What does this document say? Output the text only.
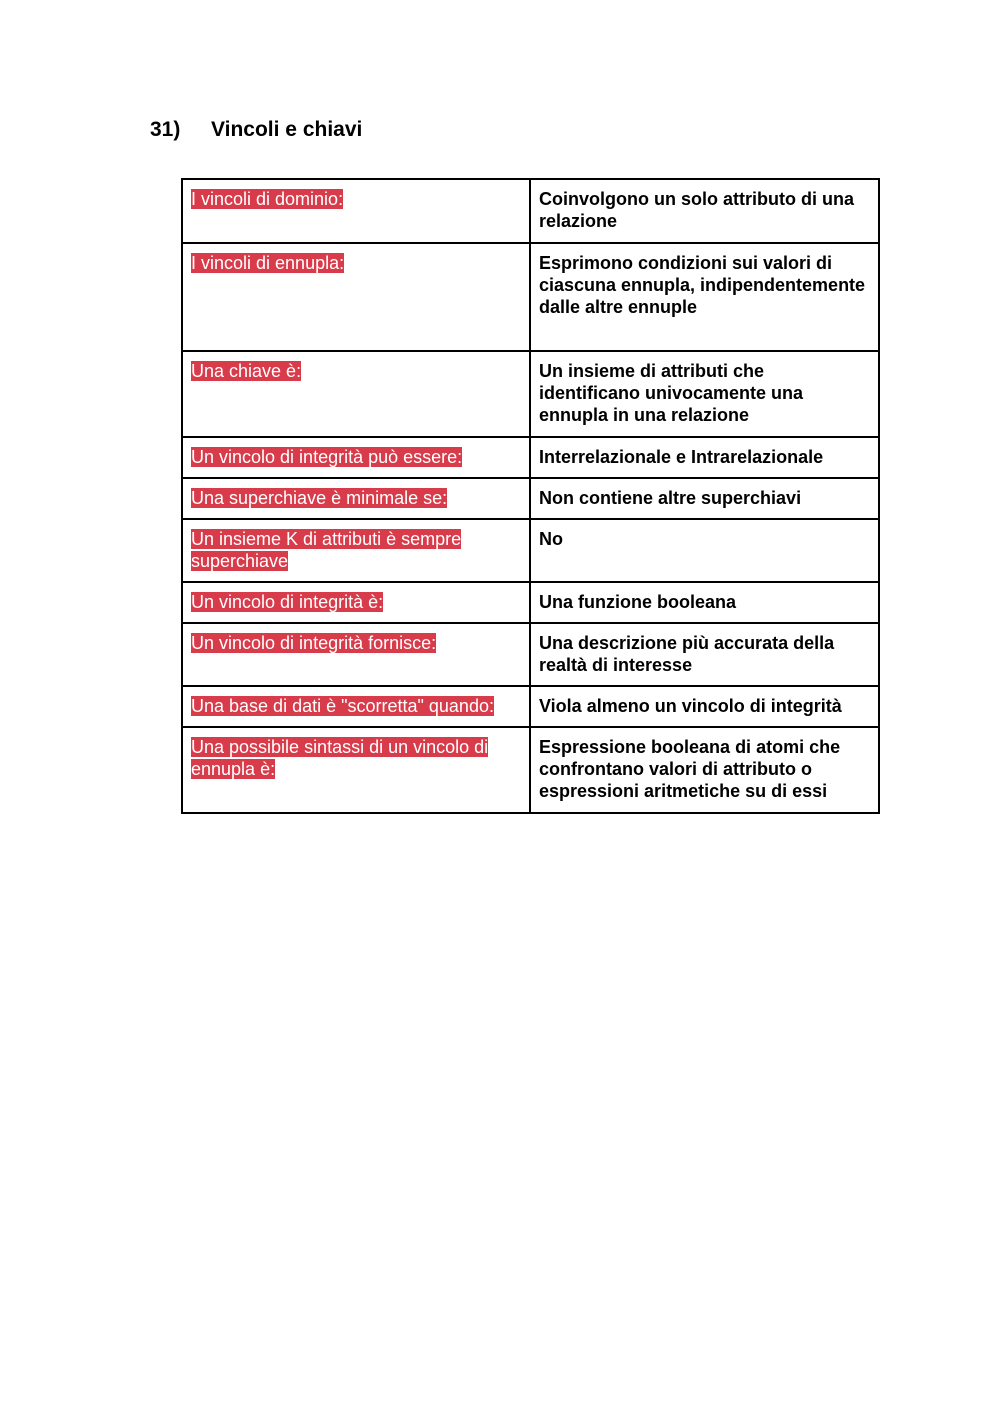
31)	Vincoli e chiavi
I vincoli di dominio:	Coinvolgono un solo attributo di una relazione
I vincoli di ennupla:	Esprimono condizioni sui valori di ciascuna ennupla, indipendentemente dalle altre ennuple
Una chiave è:	Un insieme di attributi che identificano univocamente una ennupla in una relazione
Un vincolo di integrità può essere:	Interrelazionale e Intrarelazionale
Una superchiave è minimale se:	Non contiene altre superchiavi
Un insieme K di attributi è sempre superchiave	No
Un vincolo di integrità è:	Una funzione booleana
Un vincolo di integrità fornisce:	Una descrizione più accurata della realtà di interesse
Una base di dati è "scorretta" quando:	Viola almeno un vincolo di integrità
Una possibile sintassi di un vincolo di ennupla è:	Espressione booleana di atomi che confrontano valori di attributo o espressioni aritmetiche su di essi
